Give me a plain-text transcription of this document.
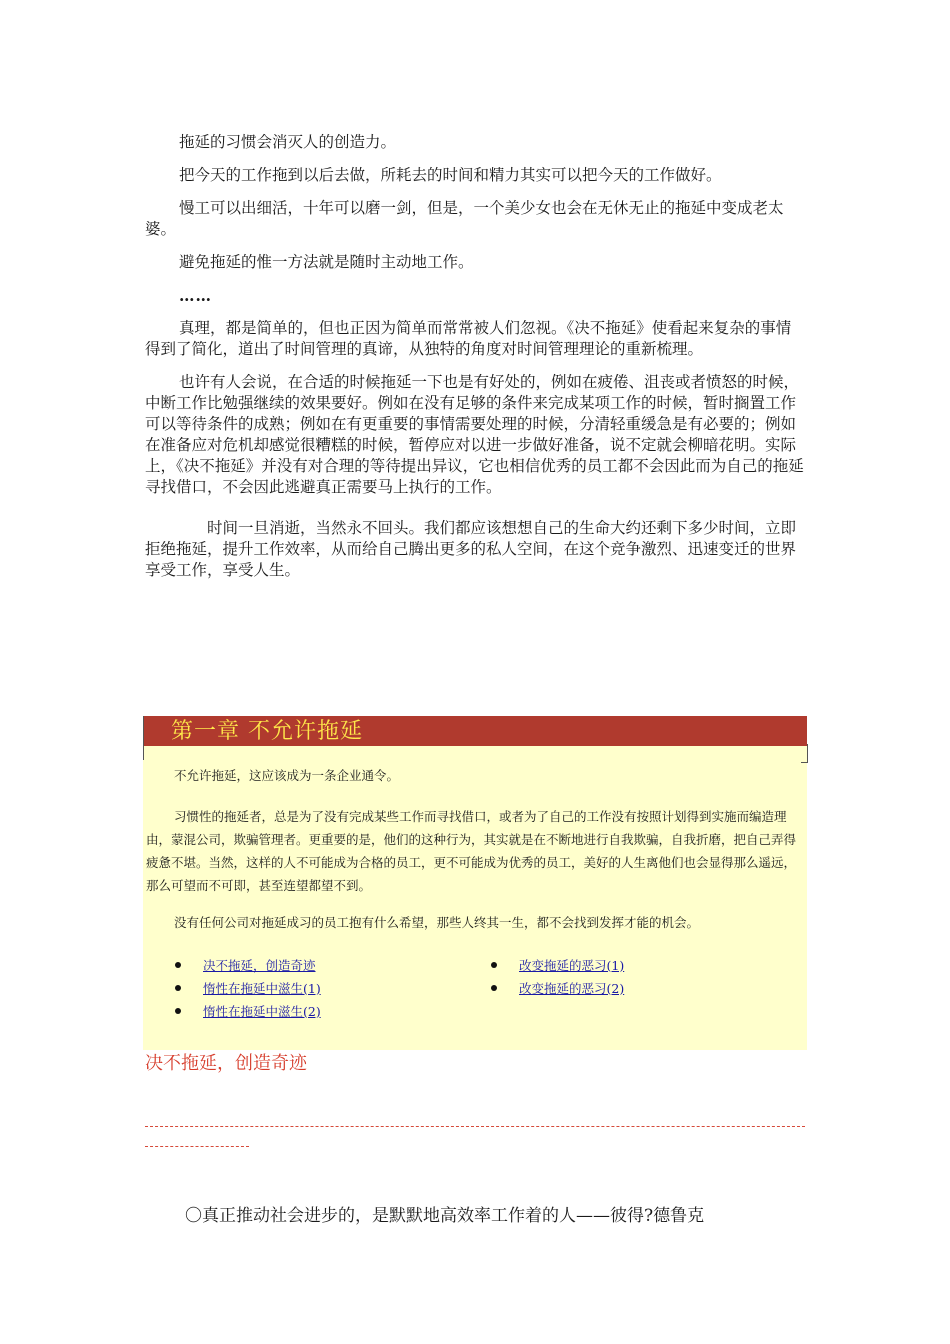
拖延的习惯会消灭人的创造力。

把今天的工作拖到以后去做，所耗去的时间和精力其实可以把今天的工作做好。

慢工可以出细活，十年可以磨一剑，但是，一个美少女也会在无休无止的拖延中变成老太婆。

避免拖延的惟一方法就是随时主动地工作。

……

真理，都是简单的，但也正因为简单而常常被人们忽视。《决不拖延》使看起来复杂的事情得到了简化，道出了时间管理的真谛，从独特的角度对时间管理理论的重新梳理。

也许有人会说，在合适的时候拖延一下也是有好处的，例如在疲倦、沮丧或者愤怒的时候，中断工作比勉强继续的效果要好。例如在没有足够的条件来完成某项工作的时候，暂时搁置工作可以等待条件的成熟；例如在有更重要的事情需要处理的时候，分清轻重缓急是有必要的；例如在准备应对危机却感觉很糟糕的时候，暂停应对以进一步做好准备，说不定就会柳暗花明。实际上，《决不拖延》并没有对合理的等待提出异议，它也相信优秀的员工都不会因此而为自己的拖延寻找借口，不会因此逃避真正需要马上执行的工作。

时间一旦消逝，当然永不回头。我们都应该想想自己的生命大约还剩下多少时间，立即拒绝拖延，提升工作效率，从而给自己腾出更多的私人空间，在这个竞争激烈、迅速变迁的世界享受工作，享受人生。

第一章 不允许拖延

不允许拖延，这应该成为一条企业通令。

习惯性的拖延者，总是为了没有完成某些工作而寻找借口，或者为了自己的工作没有按照计划得到实施而编造理由，蒙混公司，欺骗管理者。更重要的是，他们的这种行为，其实就是在不断地进行自我欺骗，自我折磨，把自己弄得疲惫不堪。当然，这样的人不可能成为合格的员工，更不可能成为优秀的员工，美好的人生离他们也会显得那么遥远，那么可望而不可即，甚至连望都望不到。

没有任何公司对拖延成习的员工抱有什么希望，那些人终其一生，都不会找到发挥才能的机会。

决不拖延，创造奇迹	改变拖延的恶习(1)
惰性在拖延中滋生(1)	改变拖延的恶习(2)
惰性在拖延中滋生(2)
决不拖延，创造奇迹
〇真正推动社会进步的，是默默地高效率工作着的人——彼得?德鲁克
